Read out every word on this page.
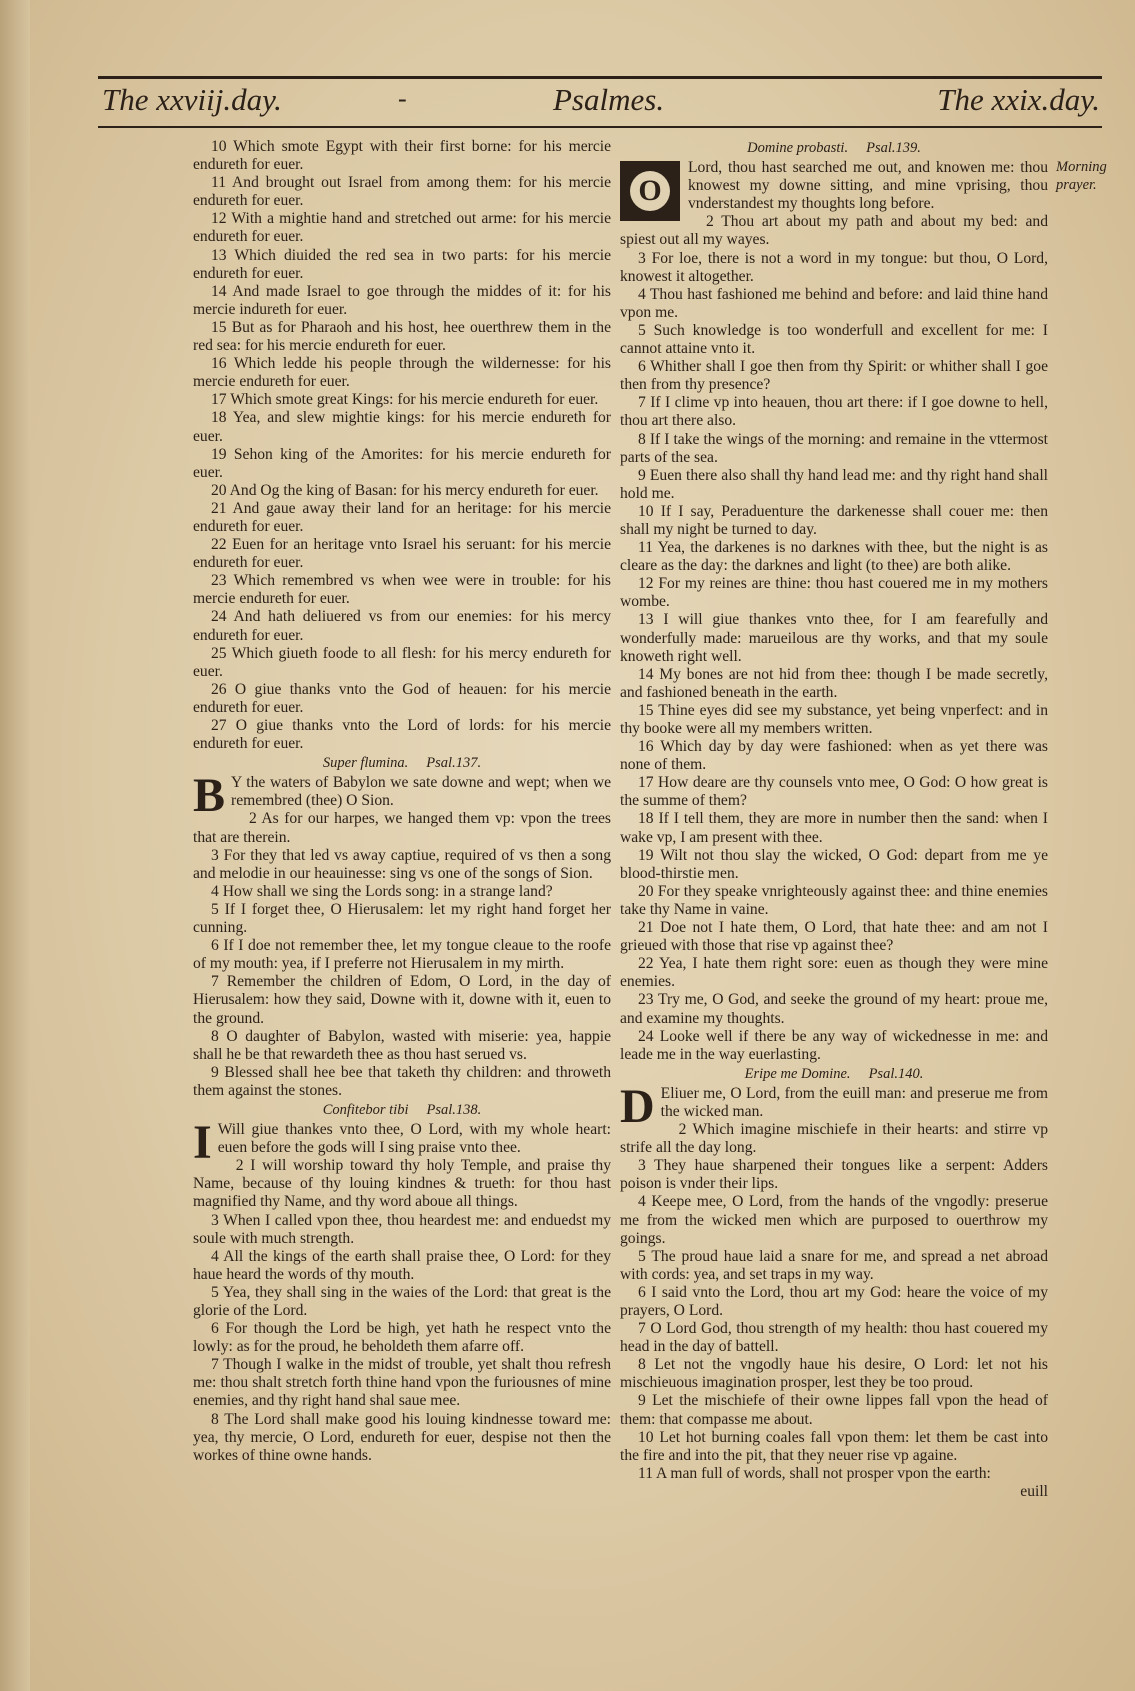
The xxviij.day.	-	Psalmes.	The xxix.day.
Morning
prayer.
10 Which smote Egypt with their first borne: for his mercie endureth for euer.
11 And brought out Israel from among them: for his mercie endureth for euer.
12 With a mightie hand and stretched out arme: for his mercie endureth for euer.
13 Which diuided the red sea in two parts: for his mercie endureth for euer.
14 And made Israel to goe through the middes of it: for his mercie indureth for euer.
15 But as for Pharaoh and his host, hee ouerthrew them in the red sea: for his mercie endureth for euer.
16 Which ledde his people through the wildernesse: for his mercie endureth for euer.
17 Which smote great Kings: for his mercie endureth for euer.
18 Yea, and slew mightie kings: for his mercie endureth for euer.
19 Sehon king of the Amorites: for his mercie endureth for euer.
20 And Og the king of Basan: for his mercy endureth for euer.
21 And gaue away their land for an heritage: for his mercie endureth for euer.
22 Euen for an heritage vnto Israel his seruant: for his mercie endureth for euer.
23 Which remembred vs when wee were in trouble: for his mercie endureth for euer.
24 And hath deliuered vs from our enemies: for his mercy endureth for euer.
25 Which giueth foode to all flesh: for his mercy endureth for euer.
26 O giue thanks vnto the God of heauen: for his mercie endureth for euer.
27 O giue thanks vnto the Lord of lords: for his mercie endureth for euer.
Super flumina. Psal.137.
B Y the waters of Babylon we sate downe and wept; when we remembred (thee) O Sion.
2 As for our harpes, we hanged them vp: vpon the trees that are therein.
3 For they that led vs away captiue, required of vs then a song and melodie in our heauinesse: sing vs one of the songs of Sion.
4 How shall we sing the Lords song: in a strange land?
5 If I forget thee, O Hierusalem: let my right hand forget her cunning.
6 If I doe not remember thee, let my tongue cleaue to the roofe of my mouth: yea, if I preferre not Hierusalem in my mirth.
7 Remember the children of Edom, O Lord, in the day of Hierusalem: how they said, Downe with it, downe with it, euen to the ground.
8 O daughter of Babylon, wasted with miserie: yea, happie shall he be that rewardeth thee as thou hast serued vs.
9 Blessed shall hee bee that taketh thy children: and throweth them against the stones.
Confitebor tibi Psal.138.
I Will giue thankes vnto thee, O Lord, with my whole heart: euen before the gods will I sing praise vnto thee.
2 I will worship toward thy holy Temple, and praise thy Name, because of thy louing kindnes & trueth: for thou hast magnified thy Name, and thy word aboue all things.
3 When I called vpon thee, thou heardest me: and enduedst my soule with much strength.
4 All the kings of the earth shall praise thee, O Lord: for they haue heard the words of thy mouth.
5 Yea, they shall sing in the waies of the Lord: that great is the glorie of the Lord.
6 For though the Lord be high, yet hath he respect vnto the lowly: as for the proud, he beholdeth them afarre off.
7 Though I walke in the midst of trouble, yet shalt thou refresh me: thou shalt stretch forth thine hand vpon the furiousnes of mine enemies, and thy right hand shal saue mee.
8 The Lord shall make good his louing kindnesse toward me: yea, thy mercie, O Lord, endureth for euer, despise not then the workes of thine owne hands.
Domine probasti. Psal.139.
O
Lord, thou hast searched me out, and knowen me: thou knowest my downe sitting, and mine vprising, thou vnderstandest my thoughts long before.
2 Thou art about my path and about my bed: and spiest out all my wayes.
3 For loe, there is not a word in my tongue: but thou, O Lord, knowest it altogether.
4 Thou hast fashioned me behind and before: and laid thine hand vpon me.
5 Such knowledge is too wonderfull and excellent for me: I cannot attaine vnto it.
6 Whither shall I goe then from thy Spirit: or whither shall I goe then from thy presence?
7 If I clime vp into heauen, thou art there: if I goe downe to hell, thou art there also.
8 If I take the wings of the morning: and remaine in the vttermost parts of the sea.
9 Euen there also shall thy hand lead me: and thy right hand shall hold me.
10 If I say, Peraduenture the darkenesse shall couer me: then shall my night be turned to day.
11 Yea, the darkenes is no darknes with thee, but the night is as cleare as the day: the darknes and light (to thee) are both alike.
12 For my reines are thine: thou hast couered me in my mothers wombe.
13 I will giue thankes vnto thee, for I am fearefully and wonderfully made: marueilous are thy works, and that my soule knoweth right well.
14 My bones are not hid from thee: though I be made secretly, and fashioned beneath in the earth.
15 Thine eyes did see my substance, yet being vnperfect: and in thy booke were all my members written.
16 Which day by day were fashioned: when as yet there was none of them.
17 How deare are thy counsels vnto mee, O God: O how great is the summe of them?
18 If I tell them, they are more in number then the sand: when I wake vp, I am present with thee.
19 Wilt not thou slay the wicked, O God: depart from me ye blood-thirstie men.
20 For they speake vnrighteously against thee: and thine enemies take thy Name in vaine.
21 Doe not I hate them, O Lord, that hate thee: and am not I grieued with those that rise vp against thee?
22 Yea, I hate them right sore: euen as though they were mine enemies.
23 Try me, O God, and seeke the ground of my heart: proue me, and examine my thoughts.
24 Looke well if there be any way of wickednesse in me: and leade me in the way euerlasting.
Eripe me Domine. Psal.140.
D Eliuer me, O Lord, from the euill man: and preserue me from the wicked man.
2 Which imagine mischiefe in their hearts: and stirre vp strife all the day long.
3 They haue sharpened their tongues like a serpent: Adders poison is vnder their lips.
4 Keepe mee, O Lord, from the hands of the vngodly: preserue me from the wicked men which are purposed to ouerthrow my goings.
5 The proud haue laid a snare for me, and spread a net abroad with cords: yea, and set traps in my way.
6 I said vnto the Lord, thou art my God: heare the voice of my prayers, O Lord.
7 O Lord God, thou strength of my health: thou hast couered my head in the day of battell.
8 Let not the vngodly haue his desire, O Lord: let not his mischieuous imagination prosper, lest they be too proud.
9 Let the mischiefe of their owne lippes fall vpon the head of them: that compasse me about.
10 Let hot burning coales fall vpon them: let them be cast into the fire and into the pit, that they neuer rise vp againe.
11 A man full of words, shall not prosper vpon the earth:
euill
